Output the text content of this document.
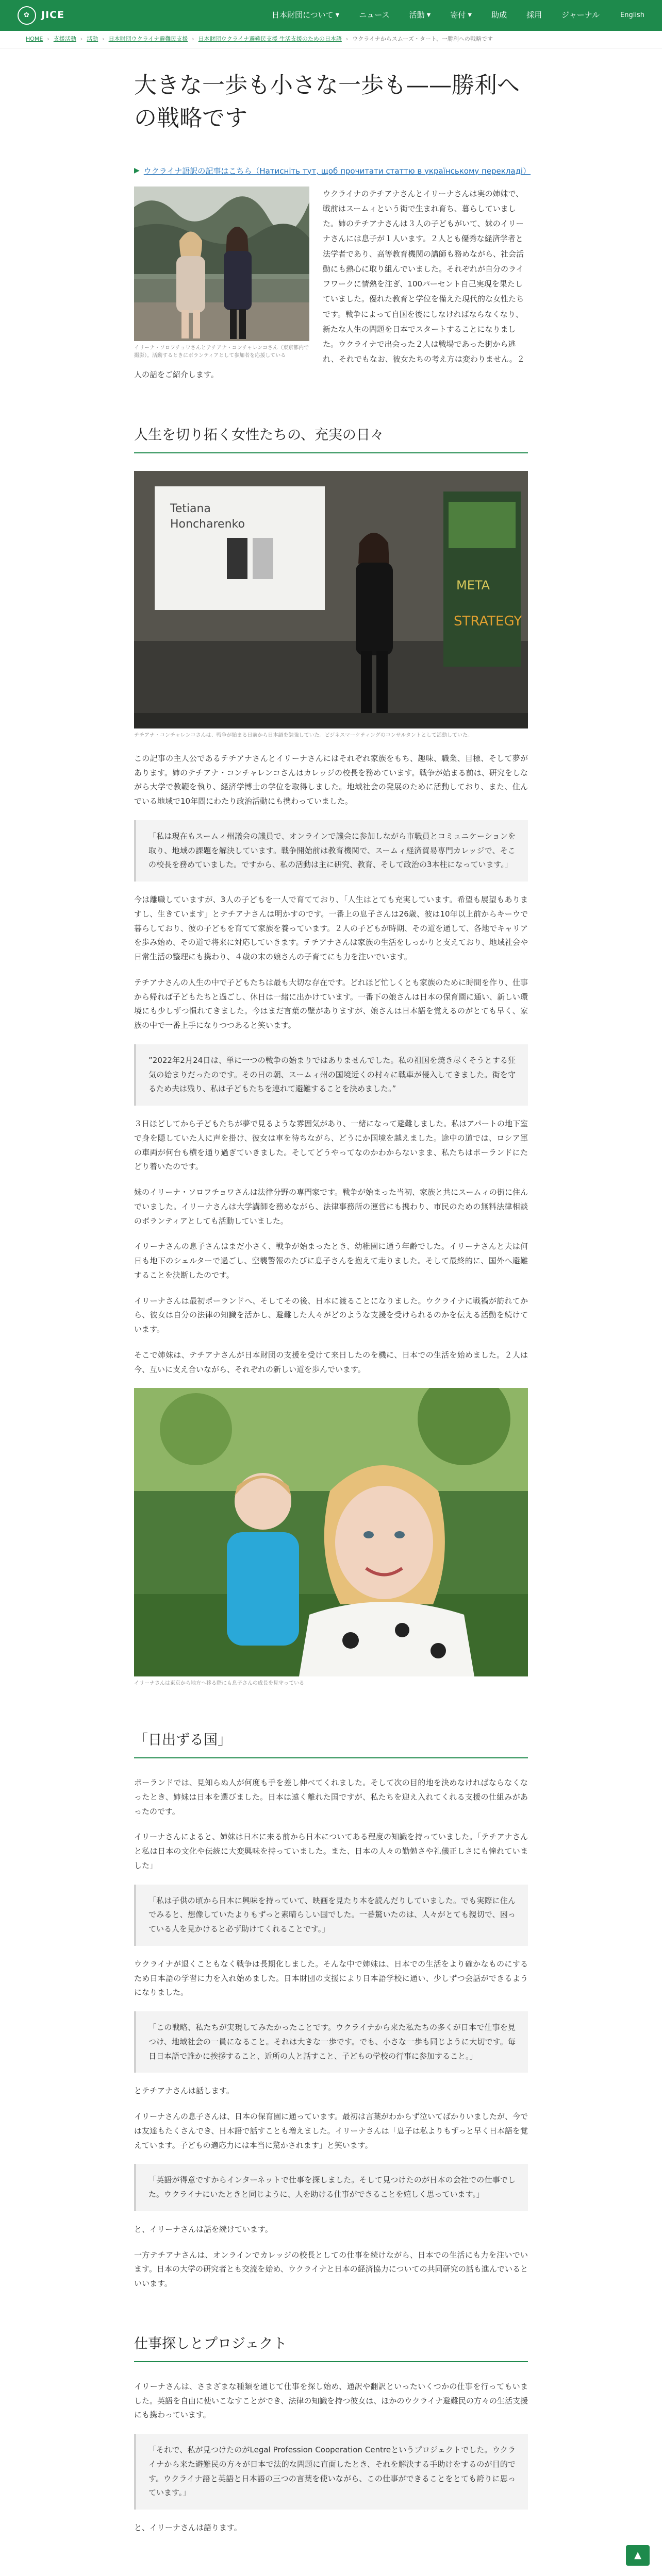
✿	JICE	日本財団について ▼	ニュース	活動 ▼	寄付 ▼	助成	採用	ジャーナル	English
HOME › 支援活動 › 活動 › 日本財団ウクライナ避難民支援 › 日本財団ウクライナ避難民支援 生活支援のための日本語 › ウクライナからスムーズ・タート、一勝利への戦略です
大きな一歩も小さな一歩も——勝利への戦略です
▶ ウクライナ語訳の記事はこちら（Натисніть тут, щоб прочитати статтю в українському перекладі）
イリーナ・ソロフチョワさんとテチアナ・コンチャレンコさん（東京都内で撮影）。活動するときにボランティアとして参加者を応援している

ウクライナのテチアナさんとイリーナさんは実の姉妹で、戦前はスームィという街で生まれ育ち、暮らしていました。姉のテチアナさんは３人の子どもがいて、妹のイリーナさんには息子が１人います。２人とも優秀な経済学者と法学者であり、高等教育機関の講師も務めながら、社会活動にも熱心に取り組んでいました。それぞれが自分のライフワークに情熱を注ぎ、100パーセント自己実現を果たしていました。優れた教育と学位を備えた現代的な女性たちです。戦争によって自国を後にしなければならなくなり、新たな人生の問題を日本でスタートすることになりました。ウクライナで出会った２人は戦場であった街から逃れ、それでもなお、彼女たちの考え方は変わりません。２人の話をご紹介します。

人生を切り拓く女性たちの、充実の日々
Tetiana
Honcharenko
META
STRATEGY
テチアナ・コンチャレンコさんは、戦争が始まる日前から日本語を勉強していた。ビジネスマーケティングのコンサルタントとして活動していた。

この記事の主人公であるテチアナさんとイリーナさんにはそれぞれ家族をもち、趣味、職業、目標、そして夢があります。姉のテチアナ・コンチャレンコさんはカレッジの校長を務めています。戦争が始まる前は、研究をしながら大学で教鞭を執り、経済学博士の学位を取得しました。地域社会の発展のために活動しており、また、住んでいる地域で10年間にわたり政治活動にも携わっていました。

「私は現在もスームィ州議会の議員で、オンラインで議会に参加しながら市職員とコミュニケーションを取り、地域の課題を解決しています。戦争開始前は教育機関で、スームィ経済貿易専門カレッジで、そこの校長を務めていました。ですから、私の活動は主に研究、教育、そして政治の3本柱になっています。」

今は離職していますが、3人の子どもを一人で育てており、「人生はとても充実しています。希望も展望もありますし、生きています」とテチアナさんは明かすのです。一番上の息子さんは26歳、彼は10年以上前からキーウで暮らしており、彼の子どもを育てて家族を養っています。２人の子どもが時期、その道を通して、各地でキャリアを歩み始め、その道で将来に対応していきます。テチアナさんは家族の生活をしっかりと支えており、地域社会や日常生活の整理にも携わり、４歳の末の娘さんの子育てにも力を注いでいます。

テチアナさんの人生の中で子どもたちは最も大切な存在です。どれほど忙しくとも家族のために時間を作り、仕事から帰れば子どもたちと過ごし、休日は一緒に出かけています。一番下の娘さんは日本の保育園に通い、新しい環境にも少しずつ慣れてきました。今はまだ言葉の壁がありますが、娘さんは日本語を覚えるのがとても早く、家族の中で一番上手になりつつあると笑います。

”2022年2月24日は、単に一つの戦争の始まりではありませんでした。私の祖国を焼き尽くそうとする狂気の始まりだったのです。その日の朝、スームィ州の国境近くの村々に戦車が侵入してきました。街を守るため夫は残り、私は子どもたちを連れて避難することを決めました。”

３日ほどしてから子どもたちが夢で見るような雰囲気があり、一緒になって避難しました。私はアパートの地下室で身を隠していた人に声を掛け、彼女は車を待ちながら、どうにか国境を越えました。途中の道では、ロシア軍の車両が何台も横を通り過ぎていきました。そしてどうやってなのかわからないまま、私たちはポーランドにたどり着いたのです。

妹のイリーナ・ソロフチョワさんは法律分野の専門家です。戦争が始まった当初、家族と共にスームィの街に住んでいました。イリーナさんは大学講師を務めながら、法律事務所の運営にも携わり、市民のための無料法律相談のボランティアとしても活動していました。

イリーナさんの息子さんはまだ小さく、戦争が始まったとき、幼稚園に通う年齢でした。イリーナさんと夫は何日も地下のシェルターで過ごし、空襲警報のたびに息子さんを抱えて走りました。そして最終的に、国外へ避難することを決断したのです。

イリーナさんは最初ポーランドへ、そしてその後、日本に渡ることになりました。ウクライナに戦禍が訪れてから、彼女は自分の法律の知識を活かし、避難した人々がどのような支援を受けられるのかを伝える活動を続けています。

そこで姉妹は、テチアナさんが日本財団の支援を受けて来日したのを機に、日本での生活を始めました。２人は今、互いに支え合いながら、それぞれの新しい道を歩んでいます。

イリーナさんは東京から地方へ移る際にも息子さんの成長を見守っている
「日出ずる国」

ポーランドでは、見知らぬ人が何度も手を差し伸べてくれました。そして次の目的地を決めなければならなくなったとき、姉妹は日本を選びました。日本は遠く離れた国ですが、私たちを迎え入れてくれる支援の仕組みがあったのです。

イリーナさんによると、姉妹は日本に来る前から日本についてある程度の知識を持っていました。「テチアナさんと私は日本の文化や伝統に大変興味を持っていました。また、日本の人々の勤勉さや礼儀正しさにも憧れていました」

「私は子供の頃から日本に興味を持っていて、映画を見たり本を読んだりしていました。でも実際に住んでみると、想像していたよりもずっと素晴らしい国でした。一番驚いたのは、人々がとても親切で、困っている人を見かけると必ず助けてくれることです。」

ウクライナが退くこともなく戦争は長期化しました。そんな中で姉妹は、日本での生活をより確かなものにするため日本語の学習に力を入れ始めました。日本財団の支援により日本語学校に通い、少しずつ会話ができるようになりました。

「この戦略、私たちが実現してみたかったことです。ウクライナから来た私たちの多くが日本で仕事を見つけ、地域社会の一員になること。それは大きな一歩です。でも、小さな一歩も同じように大切です。毎日日本語で誰かに挨拶すること、近所の人と話すこと、子どもの学校の行事に参加すること。」

とテチアナさんは話します。

イリーナさんの息子さんは、日本の保育園に通っています。最初は言葉がわからず泣いてばかりいましたが、今では友達もたくさんでき、日本語で話すことも増えました。イリーナさんは「息子は私よりもずっと早く日本語を覚えています。子どもの適応力には本当に驚かされます」と笑います。

「英語が得意ですからインターネットで仕事を探しました。そして見つけたのが日本の会社での仕事でした。ウクライナにいたときと同じように、人を助ける仕事ができることを嬉しく思っています。」

と、イリーナさんは話を続けています。

一方テチアナさんは、オンラインでカレッジの校長としての仕事を続けながら、日本での生活にも力を注いでいます。日本の大学の研究者とも交流を始め、ウクライナと日本の経済協力についての共同研究の話も進んでいるといいます。

仕事探しとプロジェクト

イリーナさんは、さまざまな種類を通じて仕事を探し始め、通訳や翻訳といったいくつかの仕事を行ってもいました。英語を自由に使いこなすことができ、法律の知識を持つ彼女は、ほかのウクライナ避難民の方々の生活支援にも携わっています。

「それで、私が見つけたのがLegal Profession Cooperation Centreというプロジェクトでした。ウクライナから来た避難民の方々が日本で法的な問題に直面したとき、それを解決する手助けをするのが目的です。ウクライナ語と英語と日本語の三つの言葉を使いながら、この仕事ができることをとても誇りに思っています。」

と、イリーナさんは語ります。

▲
